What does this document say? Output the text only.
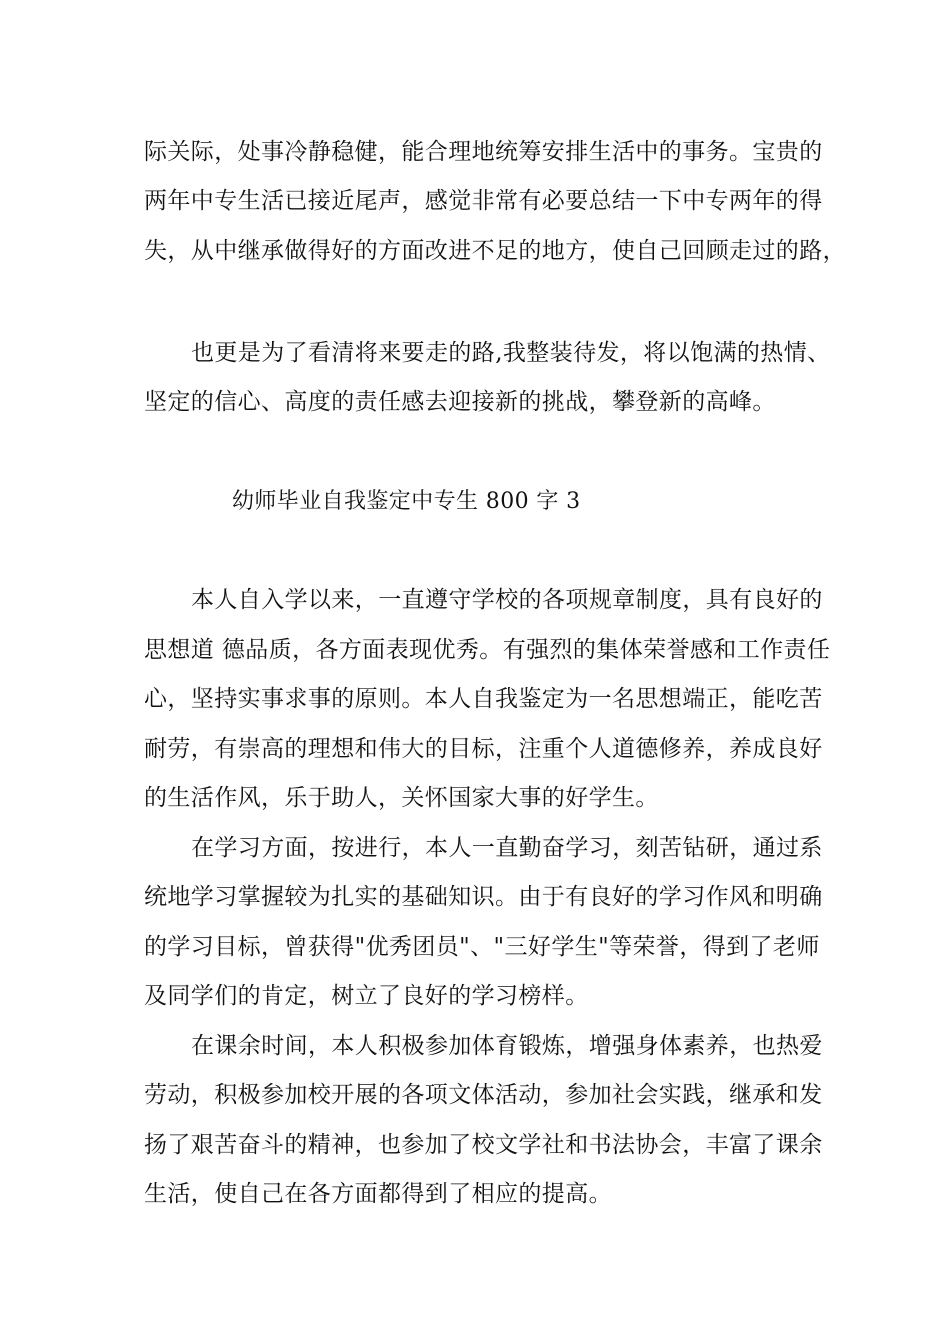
际关际，处事冷静稳健，能合理地统筹安排生活中的事务。宝贵的
两年中专生活已接近尾声，感觉非常有必要总结一下中专两年的得
失，从中继承做得好的方面改进不足的地方，使自己回顾走过的路，
也更是为了看清将来要走的路,我整装待发，将以饱满的热情、
坚定的信心、高度的责任感去迎接新的挑战，攀登新的高峰。
幼师毕业自我鉴定中专生 800 字 3
本人自入学以来，一直遵守学校的各项规章制度，具有良好的
思想道 德品质，各方面表现优秀。有强烈的集体荣誉感和工作责任
心，坚持实事求事的原则。本人自我鉴定为一名思想端正，能吃苦
耐劳，有崇高的理想和伟大的目标，注重个人道德修养，养成良好
的生活作风，乐于助人，关怀国家大事的好学生。
在学习方面，按进行，本人一直勤奋学习，刻苦钻研，通过系
统地学习掌握较为扎实的基础知识。由于有良好的学习作风和明确
的学习目标，曾获得"优秀团员"、"三好学生"等荣誉，得到了老师
及同学们的肯定，树立了良好的学习榜样。
在课余时间，本人积极参加体育锻炼，增强身体素养，也热爱
劳动，积极参加校开展的各项文体活动，参加社会实践，继承和发
扬了艰苦奋斗的精神，也参加了校文学社和书法协会，丰富了课余
生活，使自己在各方面都得到了相应的提高。
